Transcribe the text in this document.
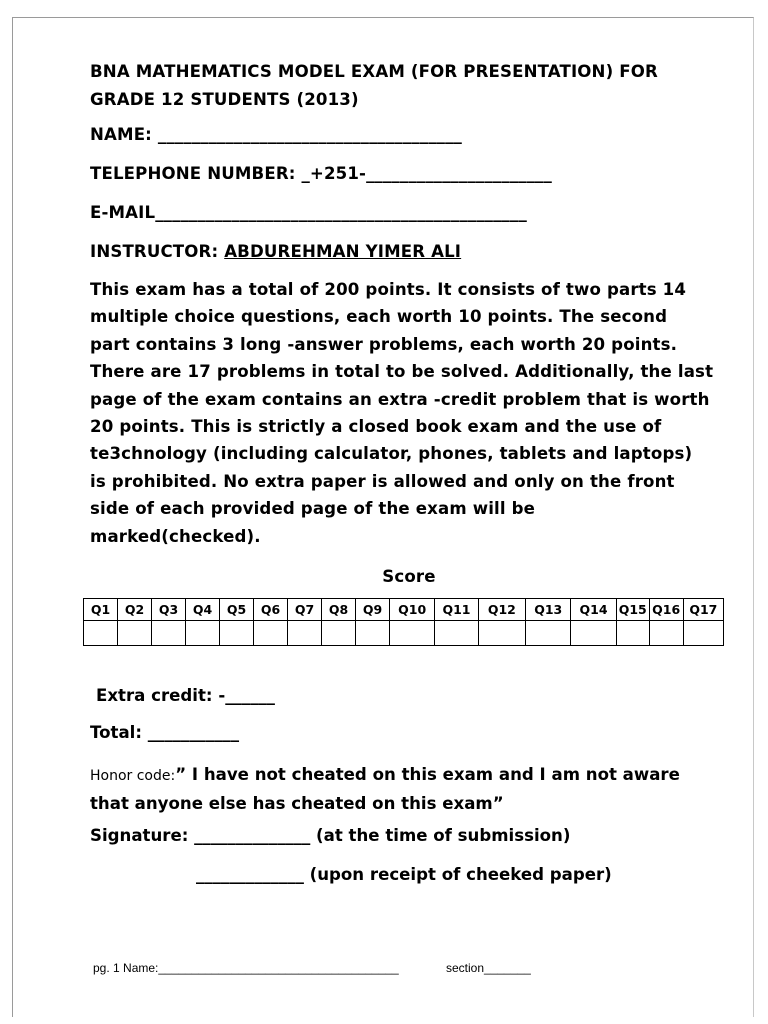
BNA MATHEMATICS MODEL EXAM (FOR PRESENTATION) FOR

GRADE 12 STUDENTS (2013)

NAME: ____________________________________

TELEPHONE NUMBER: _+251-______________________

E-MAIL____________________________________________

INSTRUCTOR: ABDUREHMAN YIMER ALI

This exam has a total of 200 points. It consists of two parts 14
multiple choice questions, each worth 10 points. The second
part contains 3 long -answer problems, each worth 20 points.
There are 17 problems in total to be solved. Additionally, the last
page of the exam contains an extra -credit problem that is worth
20 points. This is strictly a closed book exam and the use of
te3chnology (including calculator, phones, tablets and laptops)
is prohibited. No extra paper is allowed and only on the front
side of each provided page of the exam will be
marked(checked).
Score
Q1	Q2	Q3	Q4	Q5	Q6	Q7	Q8	Q9	Q10	Q11	Q12	Q13	Q14	Q15	Q16	Q17

Extra credit: -______
Total: ___________
Honor code:” I have not cheated on this exam and I am not aware
that anyone else has cheated on this exam”
Signature: ______________ (at the time of submission)
_____________ (upon receipt of cheeked paper)
pg. 1 Name:____________________________________	section_______
